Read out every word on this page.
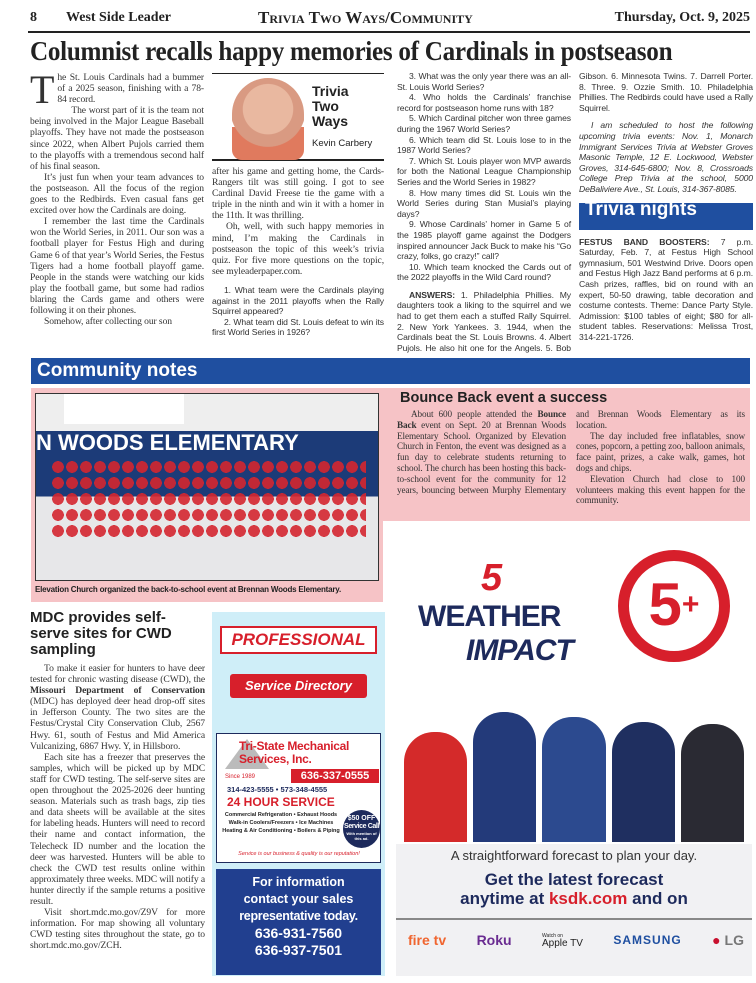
8 West Side Leader	Trivia Two Ways/Community	Thursday, Oct. 9, 2025
Columnist recalls happy memories of Cardinals in postseason
T he St. Louis Cardinals had a bummer of a 2025 season, finishing with a 78-84 record.

The worst part of it is the team not being involved in the Major League Baseball playoffs. They have not made the postseason since 2022, when Albert Pujols carried them to the playoffs with a tremendous second half of his final season.

It’s just fun when your team advances to the postseason. All the focus of the region goes to the Redbirds. Even casual fans get excited over how the Cardinals are doing.

I remember the last time the Cardinals won the World Series, in 2011. Our son was a football player for Festus High and during Game 6 of that year’s World Series, the Festus Tigers had a home football playoff game. People in the stands were watching our kids play the football game, but some had radios blaring the Cards game and others were following it on their phones.

Somehow, after collecting our son

Trivia
Two
Ways
Kevin Carbery

after his game and getting home, the Cards-Rangers tilt was still going. I got to see Cardinal David Freese tie the game with a triple in the ninth and win it with a homer in the 11th. It was thrilling.

Oh, well, with such happy memories in mind, I’m making the Cardinals in postseason the topic of this week’s trivia quiz. For five more questions on the topic, see myleaderpaper.com.

1. What team were the Cardinals playing against in the 2011 playoffs when the Rally Squirrel appeared?

2. What team did St. Louis defeat to win its first World Series in 1926?

3. What was the only year there was an all-St. Louis World Series?

4. Who holds the Cardinals’ franchise record for postseason home runs with 18?

5. Which Cardinal pitcher won three games during the 1967 World Series?

6. Which team did St. Louis lose to in the 1987 World Series?

7. Which St. Louis player won MVP awards for both the National League Championship Series and the World Series in 1982?

8. How many times did St. Louis win the World Series during Stan Musial’s playing days?

9. Whose Cardinals’ homer in Game 5 of the 1985 playoff game against the Dodgers inspired announcer Jack Buck to make his “Go crazy, folks, go crazy!” call?

10. Which team knocked the Cards out of the 2022 playoffs in the Wild Card round?

ANSWERS: 1. Philadelphia Phillies. My daughters took a liking to the squirrel and we had to get them each a stuffed Rally Squirrel. 2. New York Yankees. 3. 1944, when the Cardinals beat the St. Louis Browns. 4. Albert Pujols. He also hit one for the Angels. 5. Bob Gibson. 6. Minnesota Twins. 7. Darrell Porter. 8. Three. 9. Ozzie Smith. 10. Philadelphia Phillies. The Redbirds could have used a Rally Squirrel.

I am scheduled to host the following upcoming trivia events: Nov. 1, Monarch Immigrant Services Trivia at Webster Groves Masonic Temple, 12 E. Lockwood, Webster Groves, 314-645-6800; Nov. 8, Crossroads College Prep Trivia at the school, 5000 DeBaliviere Ave., St. Louis, 314-367-8085.

Trivia nights

FESTUS BAND BOOSTERS: 7 p.m. Saturday, Feb. 7, at Festus High School gymnasium, 501 Westwind Drive. Doors open and Festus High Jazz Band performs at 6 p.m. Cash prizes, raffles, bid on round with an expert, 50-50 drawing, table decoration and costume contests. Theme: Dance Party Style. Admission: $100 tables of eight; $80 for all-student tables. Reservations: Melissa Trost, 314-221-1726.

Community notes
N WOODS ELEMENTARY
Elevation Church organized the back-to-school event at Brennan Woods Elementary.
Bounce Back event a success

About 600 people attended the Bounce Back event on Sept. 20 at Brennan Woods Elementary School. Organized by Elevation Church in Fenton, the event was designed as a fun day to celebrate students returning to school. The church has been hosting this back-to-school event for the community for 12 years, bouncing between Murphy Elementary and Brennan Woods Elementary as its location.

The day included free inflatables, snow cones, popcorn, a petting zoo, balloon animals, face paint, prizes, a cake walk, games, hot dogs and chips.

Elevation Church had close to 100 volunteers making this event happen for the community.

MDC provides self-serve sites for CWD sampling

To make it easier for hunters to have deer tested for chronic wasting disease (CWD), the Missouri Department of Conservation (MDC) has deployed deer head drop-off sites in Jefferson County. The two sites are the Festus/Crystal City Conservation Club, 2567 Hwy. 61, south of Festus and Mid America Vulcanizing, 6867 Hwy. Y, in Hillsboro.

Each site has a freezer that preserves the samples, which will be picked up by MDC staff for CWD testing. The self-serve sites are open throughout the 2025-2026 deer hunting season. Materials such as trash bags, zip ties and data sheets will be available at the sites for labeling heads. Hunters will need to record their name and contact information, the Telecheck ID number and the location the deer was harvested. Hunters will be able to check the CWD test results online within approximately three weeks. MDC will notify a hunter directly if the sample returns a positive result.

Visit short.mdc.mo.gov/Z9V for more information. For map showing all voluntary CWD testing sites throughout the state, go to short.mdc.mo.gov/ZCH.

PROFESSIONAL
Service Directory
Tri-State Mechanical
Services, Inc.
Since 1989	636-337-0555
314-423-5555 • 573-348-4555
24 HOUR SERVICE
Commercial Refrigeration • Exhaust Hoods
Walk-in Coolers/Freezers • Ice Machines
Heating & Air Conditioning • Boilers & Piping
$50 OFF
Service Call
With mention of this ad.
Service is our business & quality is our reputation!
For information
contact your sales
representative today.
636-931-7560
636-937-7501
5
WEATHER
IMPACT
5+
A straightforward forecast to plan your day.
Get the latest forecast
anytime at ksdk.com and on
fire tv Roku	Watch on
Apple TV	SAMSUNG ● LG
